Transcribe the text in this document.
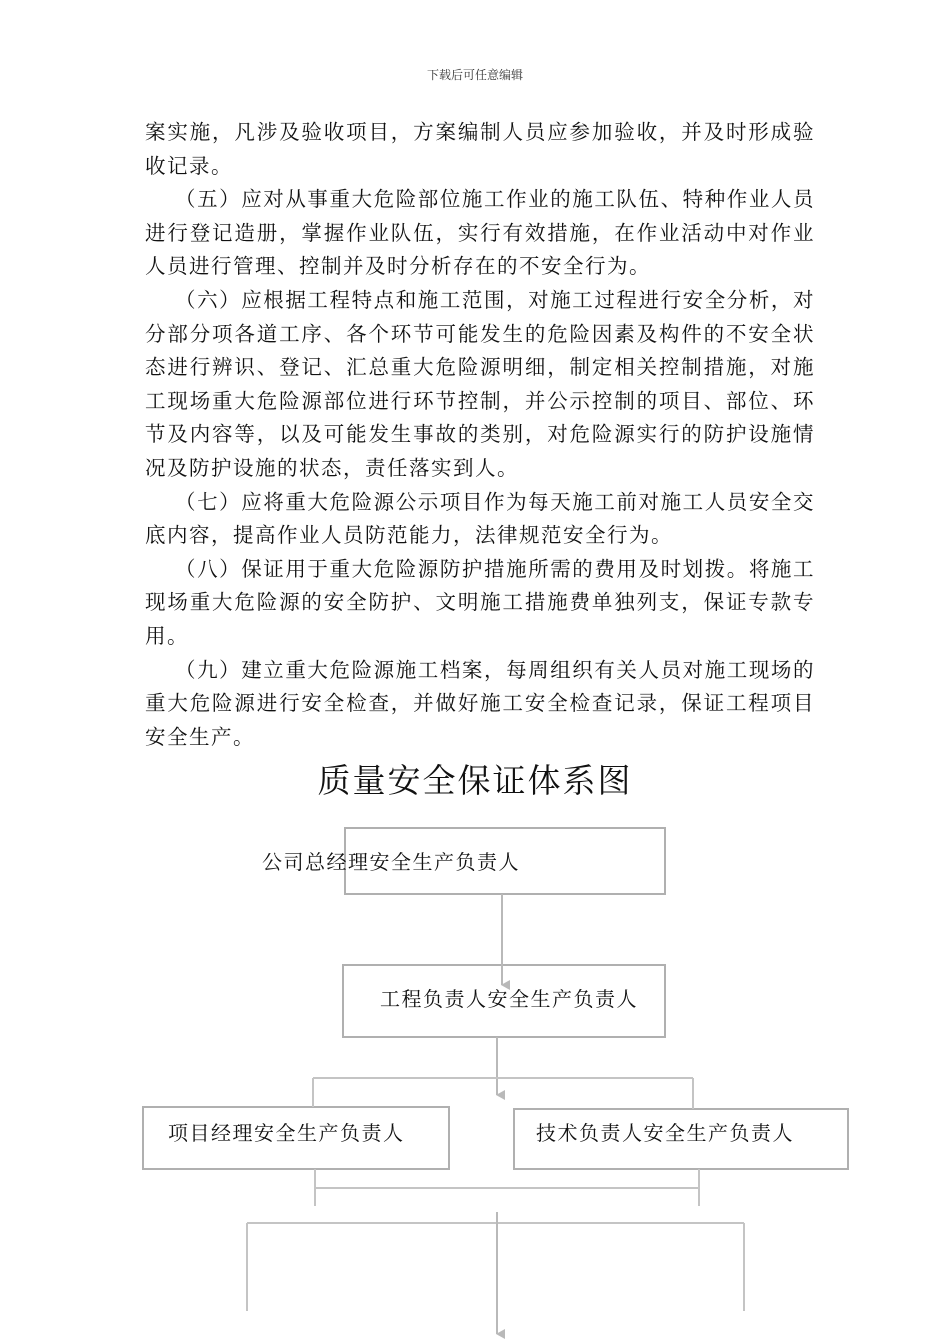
下载后可任意编辑

案实施，凡涉及验收项目，方案编制人员应参加验收，并及时形成验收记录。

（五）应对从事重大危险部位施工作业的施工队伍、特种作业人员进行登记造册，掌握作业队伍，实行有效措施，在作业活动中对作业人员进行管理、控制并及时分析存在的不安全行为。

（六）应根据工程特点和施工范围，对施工过程进行安全分析，对分部分项各道工序、各个环节可能发生的危险因素及构件的不安全状态进行辨识、登记、汇总重大危险源明细，制定相关控制措施，对施工现场重大危险源部位进行环节控制，并公示控制的项目、部位、环节及内容等，以及可能发生事故的类别，对危险源实行的防护设施情况及防护设施的状态，责任落实到人。

（七）应将重大危险源公示项目作为每天施工前对施工人员安全交底内容，提高作业人员防范能力，法律规范安全行为。

（八）保证用于重大危险源防护措施所需的费用及时划拨。将施工现场重大危险源的安全防护、文明施工措施费单独列支，保证专款专用。

（九）建立重大危险源施工档案，每周组织有关人员对施工现场的重大危险源进行安全检查，并做好施工安全检查记录，保证工程项目安全生产。

质量安全保证体系图
公司总经理安全生产负责人
工程负责人安全生产负责人
项目经理安全生产负责人	技术负责人安全生产负责人
